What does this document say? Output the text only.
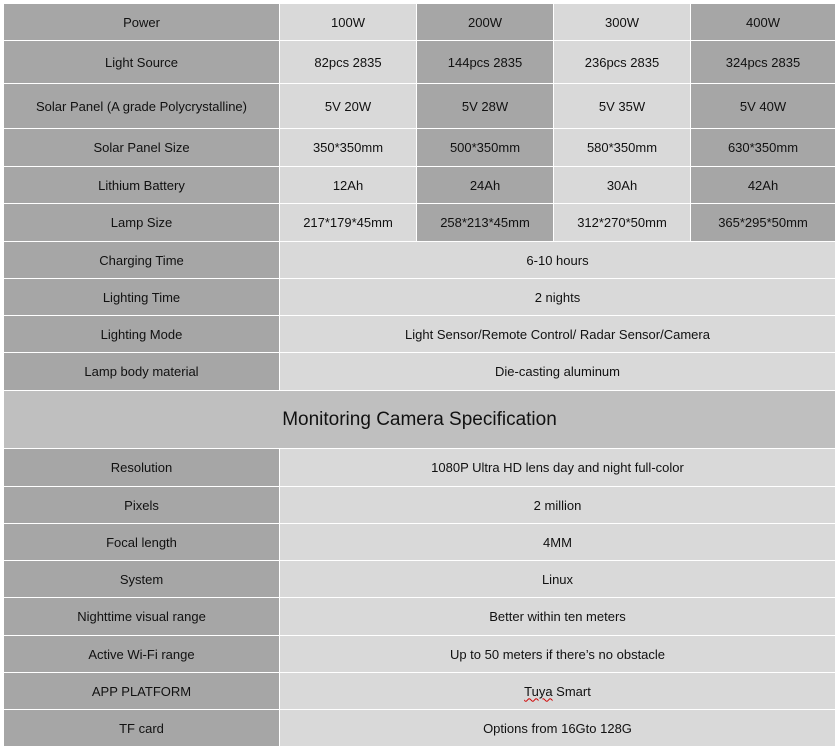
Power	100W	200W	300W	400W
Light Source	82pcs 2835	144pcs 2835	236pcs 2835	324pcs 2835
Solar Panel (A grade Polycrystalline)	5V 20W	5V 28W	5V 35W	5V 40W
Solar Panel Size	350*350mm	500*350mm	580*350mm	630*350mm
Lithium Battery	12Ah	24Ah	30Ah	42Ah
Lamp Size	217*179*45mm	258*213*45mm	312*270*50mm	365*295*50mm
Charging Time	6-10 hours			
Lighting Time	2 nights			
Lighting Mode	Light Sensor/Remote Control/ Radar Sensor/Camera			
Lamp body material	Die-casting aluminum			
Monitoring Camera Specification				
Resolution	1080P Ultra HD lens day and night full-color			
Pixels	2 million			
Focal length	4MM			
System	Linux			
Nighttime visual range	Better within ten meters			
Active Wi-Fi range	Up to 50 meters if there’s no obstacle			
APP PLATFORM	Tuya Smart			
TF card	Options from 16Gto 128G			
